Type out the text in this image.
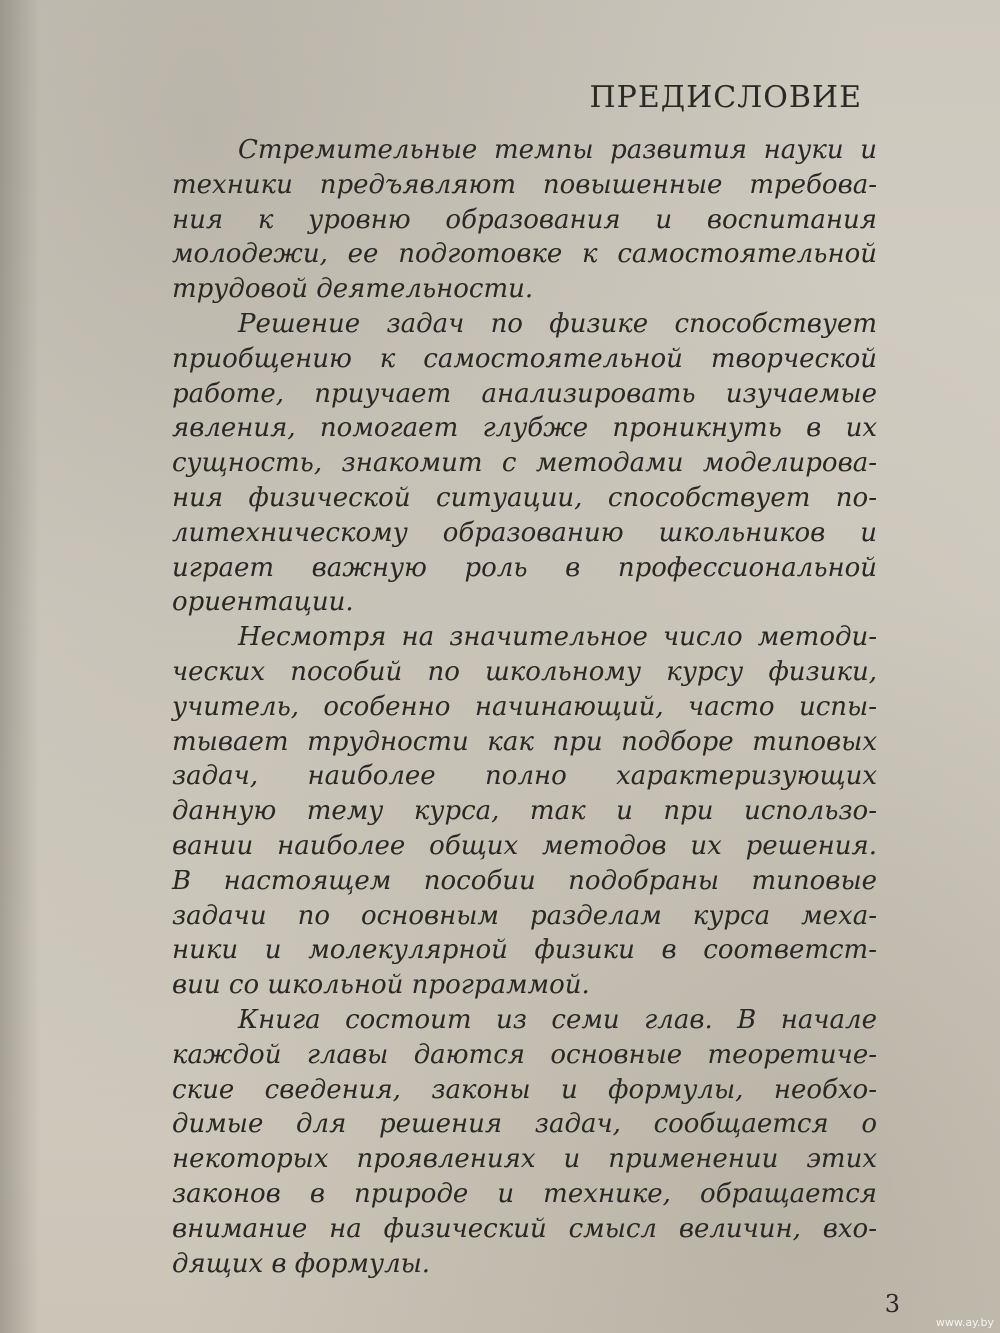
ПРЕДИСЛОВИЕ
Стремительные темпы развития науки и
техники предъявляют повышенные требова-
ния к уровню образования и воспитания
молодежи, ее подготовке к самостоятельной
трудовой деятельности.
Решение задач по физике способствует
приобщению к самостоятельной творческой
работе, приучает анализировать изучаемые
явления, помогает глубже проникнуть в их
сущность, знакомит с методами моделирова-
ния физической ситуации, способствует по-
литехническому образованию школьников и
играет важную роль в профессиональной
ориентации.
Несмотря на значительное число методи-
ческих пособий по школьному курсу физики,
учитель, особенно начинающий, часто испы-
тывает трудности как при подборе типовых
задач, наиболее полно характеризующих
данную тему курса, так и при использо-
вании наиболее общих методов их решения.
В настоящем пособии подобраны типовые
задачи по основным разделам курса меха-
ники и молекулярной физики в соответст-
вии со школьной программой.
Книга состоит из семи глав. В начале
каждой главы даются основные теоретиче-
ские сведения, законы и формулы, необхо-
димые для решения задач, сообщается о
некоторых проявлениях и применении этих
законов в природе и технике, обращается
внимание на физический смысл величин, вхо-
дящих в формулы.
3
www.ay.by
